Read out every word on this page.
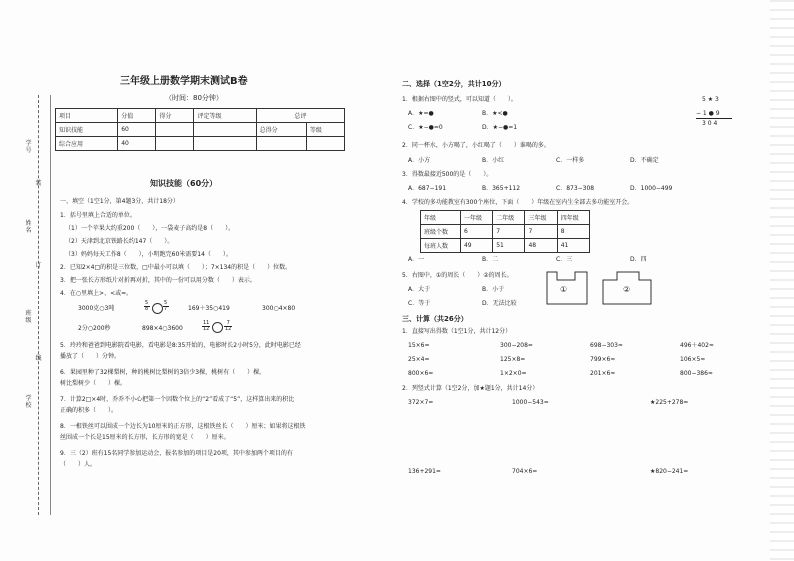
学号
姓名
班级
学校
装
订
线
三年级上册数学期末测试B卷
（时间：80分钟）
项目	分值	得分	评定等级	总评	
知识技能	60			总得分	等级
综合应用	40				
知识技能（60分）
一、填空（1空1分，第4题3分，共计18分）
1．括号里填上合适的单位。
（1）一个苹果大约重200（　　），一袋麦子高约是8（　　）。
（2）天津到北京铁路长约147（　　）。
（3）妈妈每天工作8（　　），小明跑完60米需要14（　　）。
2．已知2×4□的积是三位数，□中最小可以填（　　）；7×134的积是（　　）位数。
3．把一张长方形纸片对折再对折，其中的一份可以用分数（　　）表示。
4．在○里填上>、<或=。
3000克○3吨
5
8
5
7	169＋35○419	300○4×80
2分○200秒	898×4○3600
11
12
7
12
5．玲玲和爸爸到电影院看电影，看电影是8:35开始的，电影时长2小时5分，此时电影已经
播放了（　　）分钟。
6．果园里种了32棵梨树，种的桃树比梨树的3倍少3棵，桃树有（　　）棵。
树比梨树少（　　）棵。
7．计算2□×4时，乔乔不小心把第一个因数个位上的“2”看成了“5”，这样算出来的积比
正确的积多（　　）。
8．一根铁丝可以围成一个边长为10厘米的正方形，这根铁丝长（　　）厘米；如果将这根铁
丝围成一个长是15厘米的长方形，长方形的宽是（　　）厘米。
9．三（2）班有15名同学参加运动会，报名参加的项目是20项，其中参加两个项目的有
（　　）人。
二、选择（1空2分，共计10分）
1．根据右图中的竖式，可以知道（　　）。	5 ★ 3
− 1 ● 9
3 0 4
A．★=●	B．★<●
C．★−●=0	D．★−●=1
2．同一杯水，小方喝了，小红喝了（　　）谁喝的多。
A．小方	B．小红	C．一样多	D．不确定
3．得数最接近500的是（　　）。
A．687−191	B．365+112	C．873−308	D．1000−499
4．学校的多功能教室有300个座位，下面（　　）年级在室内生全部去多功能室开会。
年级	一年级	二年级	三年级	四年级
班级个数	6	7	7	8
每班人数	49	51	48	41
A．一	B．二	C．三	D．四
5．右图中，①的周长（　　）②的周长。
A．大于	B．小于
C．等于	D．无法比较
①	②
三、计算（共26分）
1．直接写出得数（1空1分，共计12分）
15×6=	300−208=	698−303≈	496＋402≈
25×4=	125×8=	799×6≈	106×5≈
800×6=	1×2×0=	201×6≈	800−386≈
2．列竖式计算（1空2分，加★题1分，共计14分）
372×7=	1000−543=	★225+278=
136+291=	704×6=	★820−241=
